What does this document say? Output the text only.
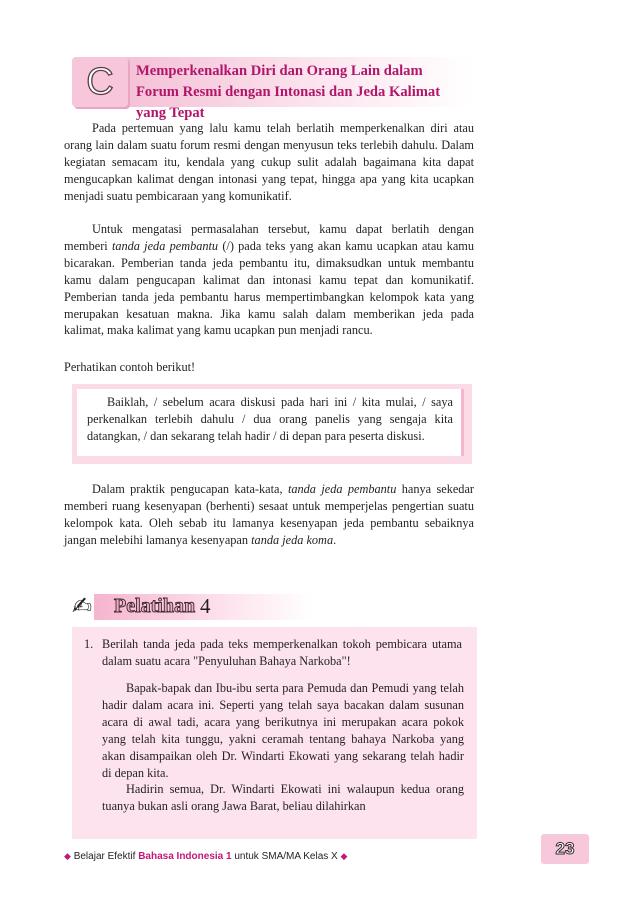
C	Memperkenalkan Diri dan Orang Lain dalam Forum Resmi dengan Intonasi dan Jeda Kalimat yang Tepat
Pada pertemuan yang lalu kamu telah berlatih memperkenalkan diri atau orang lain dalam suatu forum resmi dengan menyusun teks terlebih dahulu. Dalam kegiatan semacam itu, kendala yang cukup sulit adalah bagaimana kita dapat mengucapkan kalimat dengan intonasi yang tepat, hingga apa yang kita ucapkan menjadi suatu pembicaraan yang komunikatif.
Untuk mengatasi permasalahan tersebut, kamu dapat berlatih dengan memberi tanda jeda pembantu (/) pada teks yang akan kamu ucapkan atau kamu bicarakan. Pemberian tanda jeda pembantu itu, dimaksudkan untuk membantu kamu dalam pengucapan kalimat dan intonasi kamu tepat dan komunikatif. Pemberian tanda jeda pembantu harus mempertimbangkan kelompok kata yang merupakan kesatuan makna. Jika kamu salah dalam memberikan jeda pada kalimat, maka kalimat yang kamu ucapkan pun menjadi rancu.
Perhatikan contoh berikut!
Baiklah, / sebelum acara diskusi pada hari ini / kita mulai, / saya perkenalkan terlebih dahulu / dua orang panelis yang sengaja kita datangkan, / dan sekarang telah hadir / di depan para peserta diskusi.
Dalam praktik pengucapan kata-kata, tanda jeda pembantu hanya sekedar memberi ruang kesenyapan (berhenti) sesaat untuk memperjelas pengertian suatu kelompok kata. Oleh sebab itu lamanya kesenyapan jeda pembantu sebaiknya jangan melebihi lamanya kesenyapan tanda jeda koma.
✍ Pelatihan 4
1. Berilah tanda jeda pada teks memperkenalkan tokoh pembicara utama dalam suatu acara "Penyuluhan Bahaya Narkoba"!
Bapak-bapak dan Ibu-ibu serta para Pemuda dan Pemudi yang telah hadir dalam acara ini. Seperti yang telah saya bacakan dalam susunan acara di awal tadi, acara yang berikutnya ini merupakan acara pokok yang telah kita tunggu, yakni ceramah tentang bahaya Narkoba yang akan disampaikan oleh Dr. Windarti Ekowati yang sekarang telah hadir di depan kita.
Hadirin semua, Dr. Windarti Ekowati ini walaupun kedua orang tuanya bukan asli orang Jawa Barat, beliau dilahirkan
◆ Belajar Efektif Bahasa Indonesia 1 untuk SMA/MA Kelas X ◆	23
